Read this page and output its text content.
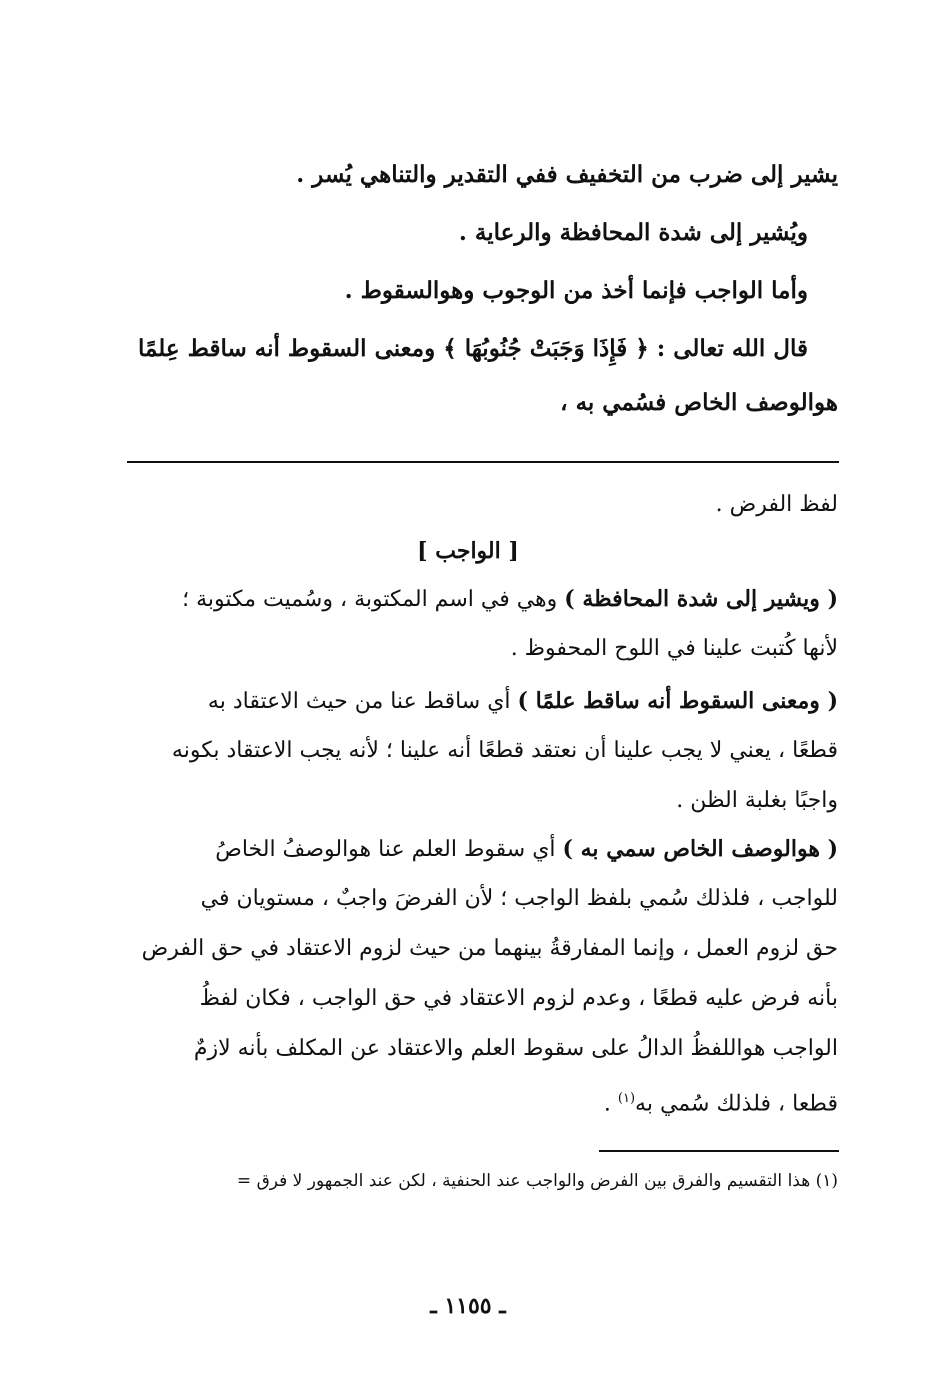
يشير إلى ضرب من التخفيف ففي التقدير والتناهي يُسر .
ويُشير إلى شدة المحافظة والرعاية .
وأما الواجب فإنما أخذ من الوجوب وهوالسقوط .
قال الله تعالى : ﴿ فَإِذَا وَجَبَتْ جُنُوبُهَا ﴾ ومعنى السقوط أنه ساقط عِلمًا
هوالوصف الخاص فسُمي به ،
لفظ الفرض .
[ الواجب ]
( ويشير إلى شدة المحافظة ) وهي في اسم المكتوبة ، وسُميت مكتوبة ؛
لأنها كُتبت علينا في اللوح المحفوظ .
( ومعنى السقوط أنه ساقط علمًا ) أي ساقط عنا من حيث الاعتقاد به
قطعًا ، يعني لا يجب علينا أن نعتقد قطعًا أنه علينا ؛ لأنه يجب الاعتقاد بكونه
واجبًا بغلبة الظن .
( هوالوصف الخاص سمي به ) أي سقوط العلم عنا هوالوصفُ الخاصُ
للواجب ، فلذلك سُمي بلفظ الواجب ؛ لأن الفرضَ واجبٌ ، مستويان في
حق لزوم العمل ، وإنما المفارقةُ بينهما من حيث لزوم الاعتقاد في حق الفرض
بأنه فرض عليه قطعًا ، وعدم لزوم الاعتقاد في حق الواجب ، فكان لفظُ
الواجب هواللفظُ الدالُ على سقوط العلم والاعتقاد عن المكلف بأنه لازمٌ
قطعا ، فلذلك سُمي به$^{(١)}$ .
(١) هذا التقسيم والفرق بين الفرض والواجب عند الحنفية ، لكن عند الجمهور لا فرق =
ـ ١١٥٥ ـ
